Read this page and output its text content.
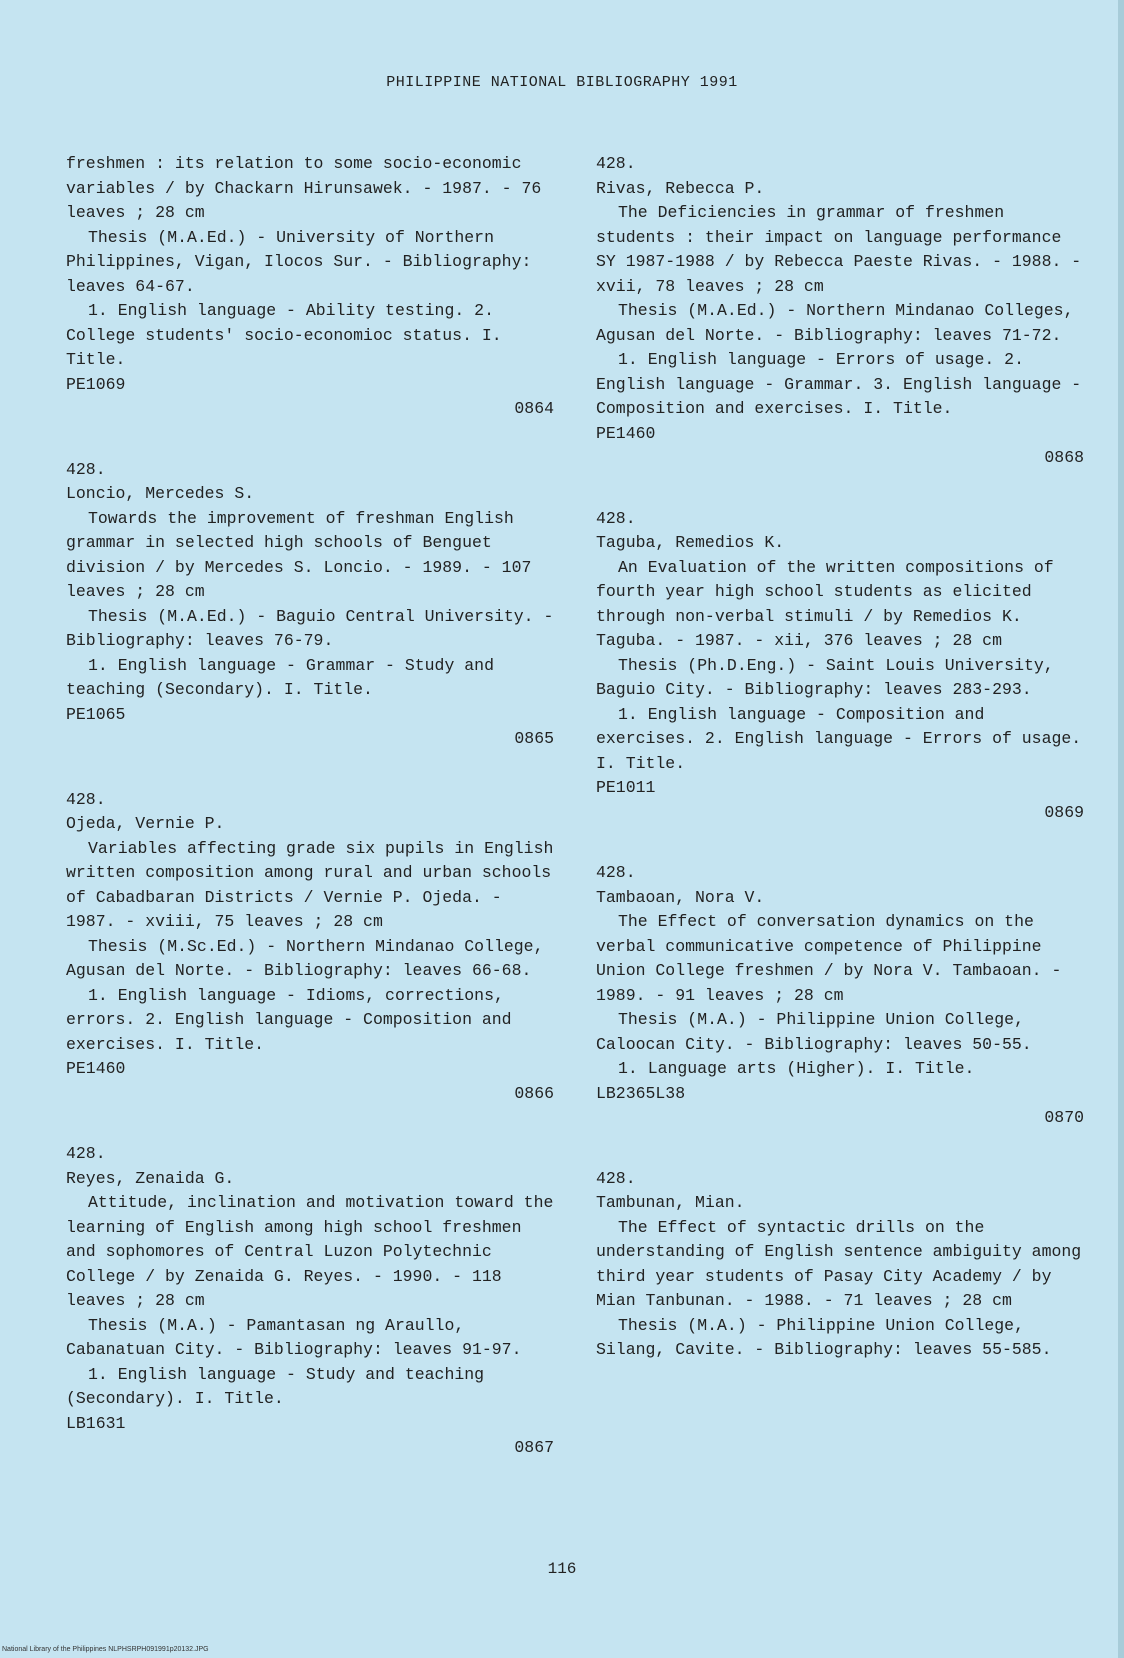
PHILIPPINE NATIONAL BIBLIOGRAPHY 1991

freshmen : its relation to some socio-economic variables / by Chackarn Hirunsawek. - 1987. - 76 leaves ; 28 cm

Thesis (M.A.Ed.) - University of Northern Philippines, Vigan, Ilocos Sur. - Bibliography: leaves 64-67.

1. English language - Ability testing. 2. College students' socio-economioc status. I. Title.

PE1069

0864

428.

Loncio, Mercedes S.

Towards the improvement of freshman English grammar in selected high schools of Benguet division / by Mercedes S. Loncio. - 1989. - 107 leaves ; 28 cm

Thesis (M.A.Ed.) - Baguio Central University. - Bibliography: leaves 76-79.

1. English language - Grammar - Study and teaching (Secondary). I. Title.

PE1065

0865

428.

Ojeda, Vernie P.

Variables affecting grade six pupils in English written composition among rural and urban schools of Cabadbaran Districts / Vernie P. Ojeda. - 1987. - xviii, 75 leaves ; 28 cm

Thesis (M.Sc.Ed.) - Northern Mindanao College, Agusan del Norte. - Bibliography: leaves 66-68.

1. English language - Idioms, corrections, errors. 2. English language - Composition and exercises. I. Title.

PE1460

0866

428.

Reyes, Zenaida G.

Attitude, inclination and motivation toward the learning of English among high school freshmen and sophomores of Central Luzon Polytechnic College / by Zenaida G. Reyes. - 1990. - 118 leaves ; 28 cm

Thesis (M.A.) - Pamantasan ng Araullo, Cabanatuan City. - Bibliography: leaves 91-97.

1. English language - Study and teaching (Secondary). I. Title.

LB1631

0867

428.

Rivas, Rebecca P.

The Deficiencies in grammar of freshmen students : their impact on language performance SY 1987-1988 / by Rebecca Paeste Rivas. - 1988. - xvii, 78 leaves ; 28 cm

Thesis (M.A.Ed.) - Northern Mindanao Colleges, Agusan del Norte. - Bibliography: leaves 71-72.

1. English language - Errors of usage. 2. English language - Grammar. 3. English language - Composition and exercises. I. Title.

PE1460

0868

428.

Taguba, Remedios K.

An Evaluation of the written compositions of fourth year high school students as elicited through non-verbal stimuli / by Remedios K. Taguba. - 1987. - xii, 376 leaves ; 28 cm

Thesis (Ph.D.Eng.) - Saint Louis University, Baguio City. - Bibliography: leaves 283-293.

1. English language - Composition and exercises. 2. English language - Errors of usage. I. Title.

PE1011

0869

428.

Tambaoan, Nora V.

The Effect of conversation dynamics on the verbal communicative competence of Philippine Union College freshmen / by Nora V. Tambaoan. - 1989. - 91 leaves ; 28 cm

Thesis (M.A.) - Philippine Union College, Caloocan City. - Bibliography: leaves 50-55.

1. Language arts (Higher). I. Title.

LB2365L38

0870

428.

Tambunan, Mian.

The Effect of syntactic drills on the understanding of English sentence ambiguity among third year students of Pasay City Academy / by Mian Tanbunan. - 1988. - 71 leaves ; 28 cm

Thesis (M.A.) - Philippine Union College, Silang, Cavite. - Bibliography: leaves 55-585.

116
National Library of the Philippines NLPHSRPH091991p20132.JPG
